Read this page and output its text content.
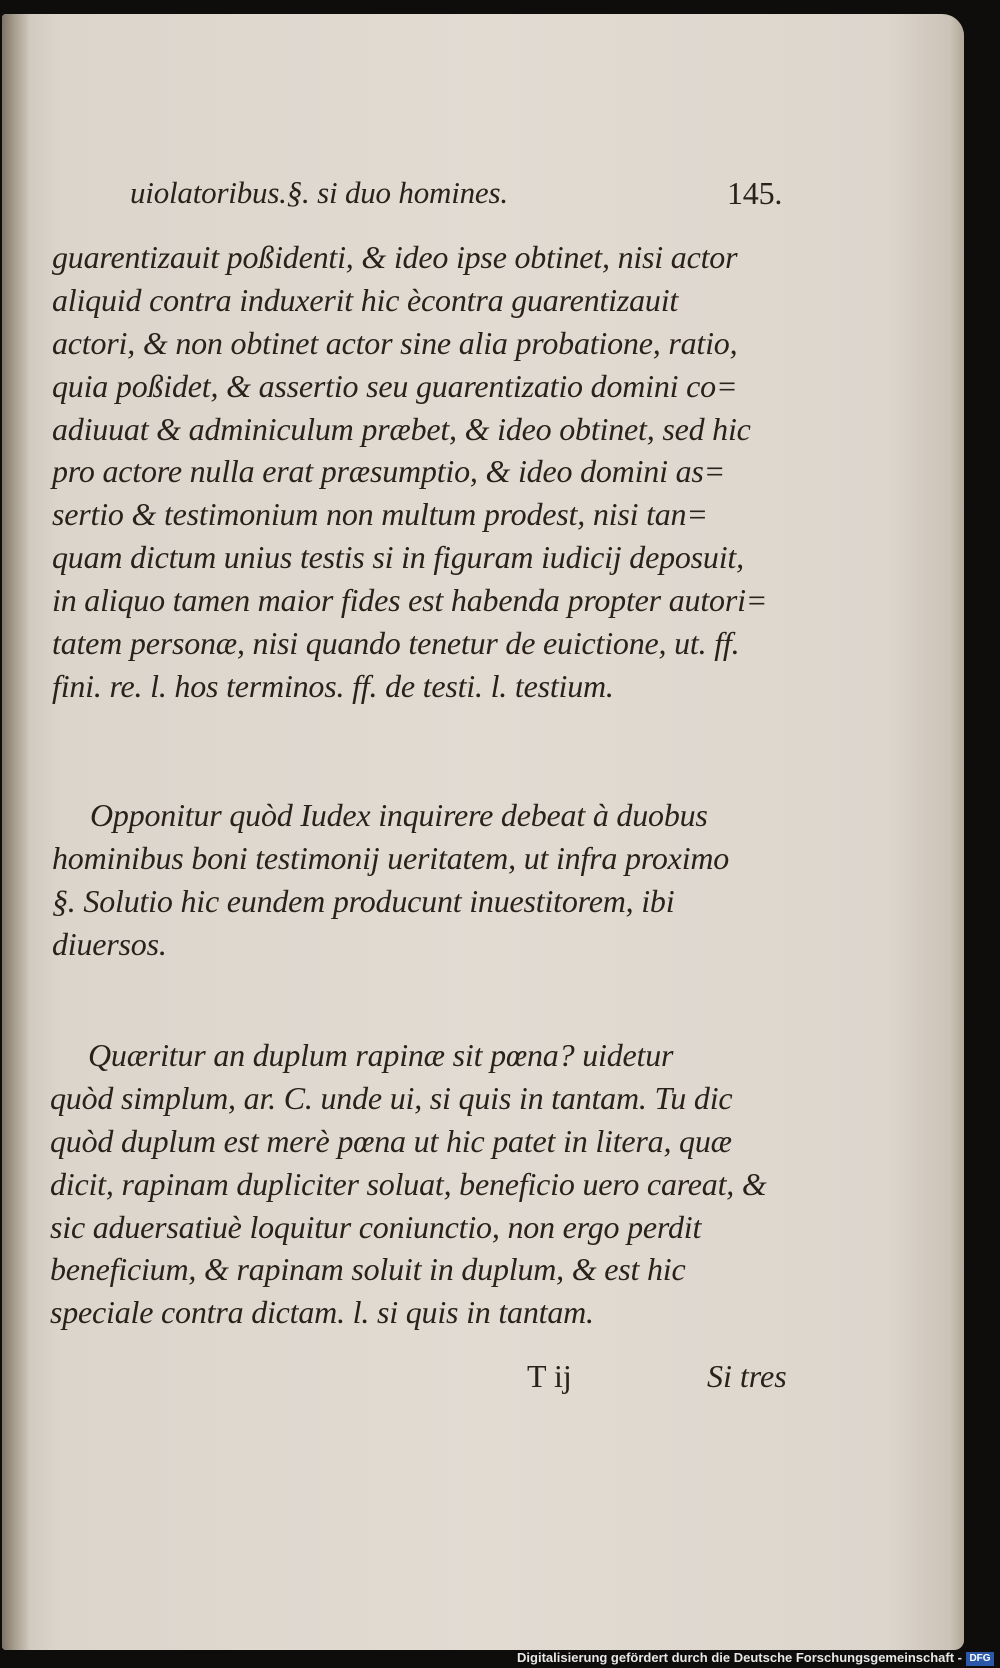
uiolatoribus.§. si duo homines.	145.
guarentizauit poßidenti, & ideo ipse obtinet, nisi actor
aliquid contra induxerit hic ècontra guarentizauit
actori, & non obtinet actor sine alia probatione, ratio,
quia poßidet, & assertio seu guarentizatio domini co=
adiuuat & adminiculum præbet, & ideo obtinet, sed hic
pro actore nulla erat præsumptio, & ideo domini as=
sertio & testimonium non multum prodest, nisi tan=
quam dictum unius testis si in figuram iudicij deposuit,
in aliquo tamen maior fides est habenda propter autori=
tatem personæ, nisi quando tenetur de euictione, ut. ff.
fini. re. l. hos terminos. ff. de testi. l. testium.
Opponitur quòd Iudex inquirere debeat à duobus
hominibus boni testimonij ueritatem, ut infra proximo
§. Solutio hic eundem producunt inuestitorem, ibi
diuersos.
Quæritur an duplum rapinæ sit pœna? uidetur
quòd simplum, ar. C. unde ui, si quis in tantam. Tu dic
quòd duplum est merè pœna ut hic patet in litera, quæ
dicit, rapinam dupliciter soluat, beneficio uero careat, &
sic aduersatiuè loquitur coniunctio, non ergo perdit
beneficium, & rapinam soluit in duplum, & est hic
speciale contra dictam. l. si quis in tantam.
T ij	Si tres
Digitalisierung gefördert durch die Deutsche Forschungsgemeinschaft - DFG
